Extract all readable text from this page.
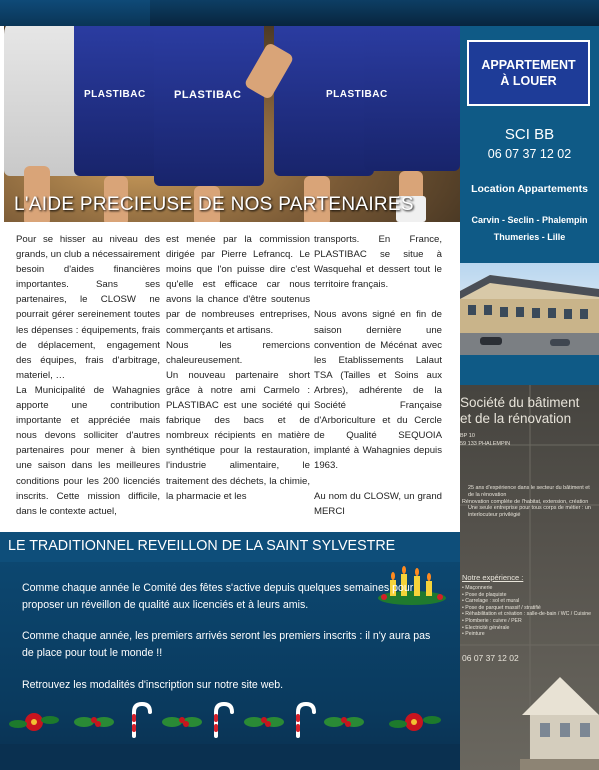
PLASTIBAC	PLASTIBAC	PLASTIBAC
L'AIDE PRECIEUSE DE NOS PARTENAIRES

Pour se hisser au niveau des grands, un club a nécessairement besoin d'aides financières importantes. Sans ses partenaires, le CLOSW ne pourrait gérer sereinement toutes les dépenses : équipements, frais de déplacement, engagement des équipes, frais d'arbitrage, materiel, …

La Municipalité de Wahagnies apporte une contribution importante et appréciée mais nous devons solliciter d'autres partenaires pour mener à bien une saison dans les meilleures conditions pour les 200 licenciés inscrits. Cette mission difficile, dans le contexte actuel,

est menée par la commission dirigée par Pierre Lefrancq. Le moins que l'on puisse dire c'est qu'elle est efficace car nous avons la chance d'être soutenus par de nombreuses entreprises, commerçants et artisans.

Nous les remercions chaleureusement.

Un nouveau partenaire short grâce à notre ami Carmelo : PLASTIBAC est une société qui fabrique des bacs et de nombreux récipients en matière synthétique pour la restauration, l'industrie alimentaire, le traitement des déchets, la chimie, la pharmacie et les

transports. En France, PLASTIBAC se situe à Wasquehal et dessert tout le territoire français.

Nous avons signé en fin de saison dernière une convention de Mécénat avec les Etablissements Lalaut TSA (Tailles et Soins aux Arbres), adhérente de la Société Française d'Arboriculture et du Cercle de Qualité SEQUOIA implanté à Wahagnies depuis 1963.

Au nom du CLOSW, un grand MERCI

APPARTEMENT
À LOUER
SCI BB
06 07 37 12 02
Location Appartements
Carvin - Seclin - Phalempin
Thumeries - Lille
Société du bâtiment
et de la rénovation
BP 10
59 133 PHALEMPIN
25 ans d'expérience dans le secteur du bâtiment et de la rénovation
Rénovation complète de l'habitat, extension, création
Une seule entreprise pour tous corps de métier : un interlocuteur privilégié
Notre expérience :
• Maçonnerie
• Pose de plaquiste
• Carrelage : sol et mural
• Pose de parquet massif / stratifié
• Réhabilitation et création : salle-de-bain / WC / Cuisine
• Plomberie : cuivre / PER
• Electricité générale
• Peinture
06 07 37 12 02
LE TRADITIONNEL REVEILLON DE LA SAINT SYLVESTRE
Comme chaque année le Comité des fêtes s'active depuis quelques semaines pour proposer un réveillon de qualité aux licenciés et à leurs amis.
Comme chaque année, les premiers arrivés seront les premiers inscrits : il n'y aura pas de place pour tout le monde !!
Retrouvez les modalités d'inscription sur notre site web.
